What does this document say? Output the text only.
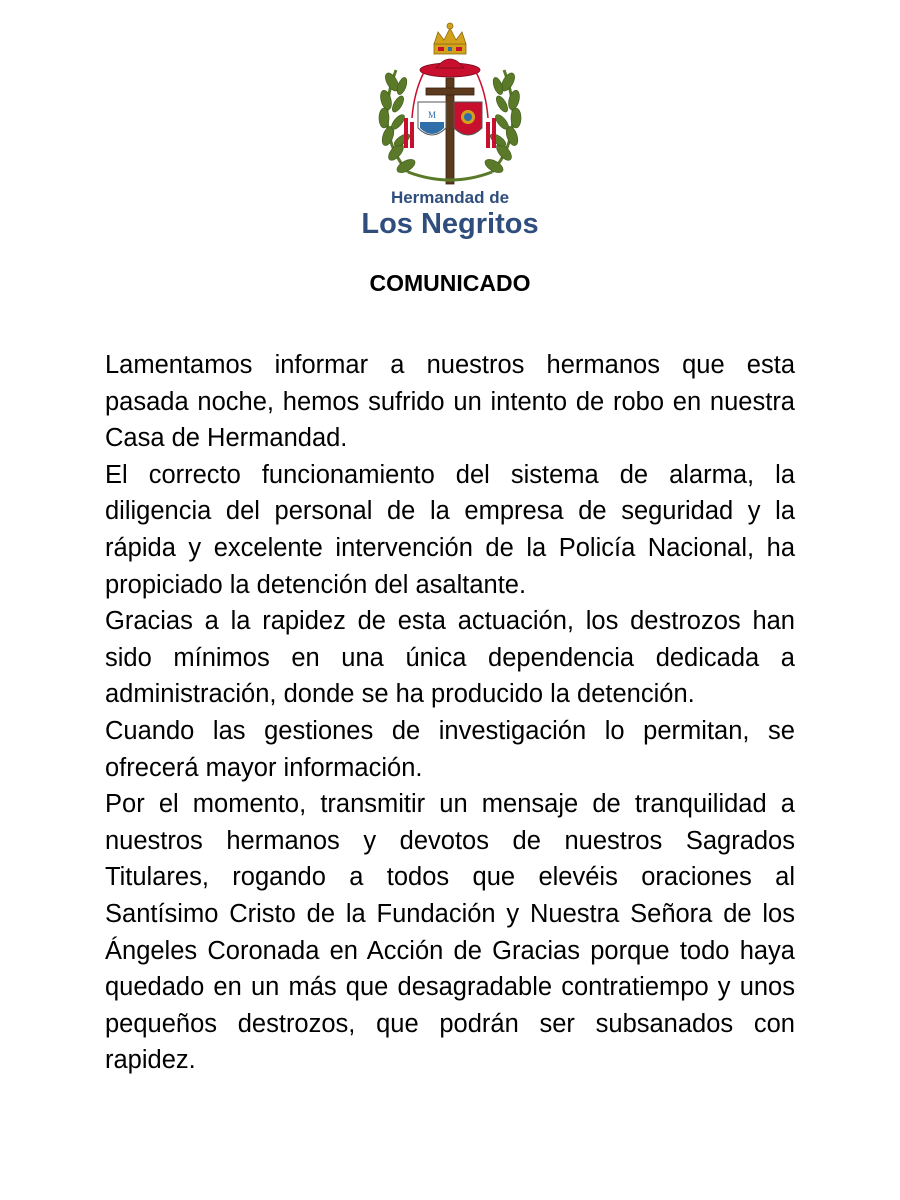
M
Hermandad de
Los Negritos
COMUNICADO

Lamentamos informar a nuestros hermanos que esta pasada noche, hemos sufrido un intento de robo en nuestra Casa de Hermandad.

El correcto funcionamiento del sistema de alarma, la diligencia del personal de la empresa de seguridad y la rápida y excelente intervención de la Policía Nacional, ha propiciado la detención del asaltante.

Gracias a la rapidez de esta actuación, los destrozos han sido mínimos en una única dependencia dedicada a administración, donde se ha producido la detención.

Cuando las gestiones de investigación lo permitan, se ofrecerá mayor información.

Por el momento, transmitir un mensaje de tranquilidad a nuestros hermanos y devotos de nuestros Sagrados Titulares, rogando a todos que elevéis oraciones al Santísimo Cristo de la Fundación y Nuestra Señora de los Ángeles Coronada en Acción de Gracias porque todo haya quedado en un más que desagradable contratiempo y unos pequeños destrozos, que podrán ser subsanados con rapidez.
